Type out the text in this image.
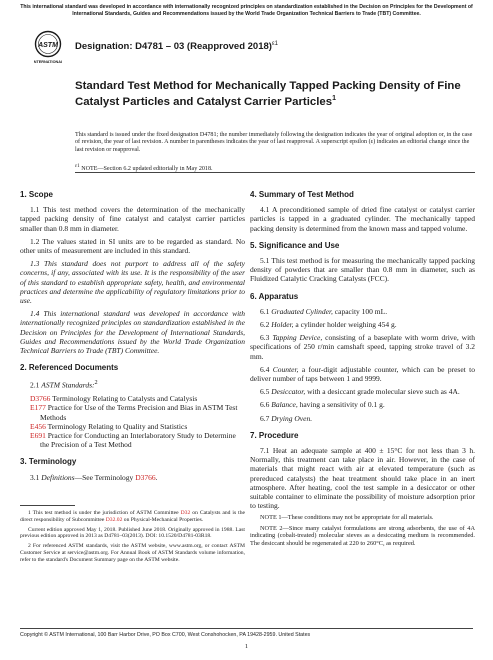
This international standard was developed in accordance with internationally recognized principles on standardization established in the Decision on Principles for the Development of International Standards, Guides and Recommendations issued by the World Trade Organization Technical Barriers to Trade (TBT) Committee.
ASTM
INTERNATIONAL
Designation: D4781 – 03 (Reapproved 2018)$^{\varepsilon 1}$
Standard Test Method for Mechanically Tapped Packing Density of Fine Catalyst Particles and Catalyst Carrier Particles$^1$
This standard is issued under the fixed designation D4781; the number immediately following the designation indicates the year of original adoption or, in the case of revision, the year of last revision. A number in parentheses indicates the year of last reapproval. A superscript epsilon (ε) indicates an editorial change since the last revision or reapproval.
$^{\varepsilon 1}$ NOTE—Section 6.2 updated editorially in May 2018.
1. Scope
1.1 This test method covers the determination of the mechanically tapped packing density of fine catalyst and catalyst carrier particles smaller than 0.8 mm in diameter.
1.2 The values stated in SI units are to be regarded as standard. No other units of measurement are included in this standard.
1.3 This standard does not purport to address all of the safety concerns, if any, associated with its use. It is the responsibility of the user of this standard to establish appropriate safety, health, and environmental practices and determine the applicability of regulatory limitations prior to use.
1.4 This international standard was developed in accordance with internationally recognized principles on standardization established in the Decision on Principles for the Development of International Standards, Guides and Recommendations issued by the World Trade Organization Technical Barriers to Trade (TBT) Committee.
2. Referenced Documents
2.1 ASTM Standards:$^2$
D3766 Terminology Relating to Catalysts and Catalysis
E177 Practice for Use of the Terms Precision and Bias in ASTM Test Methods
E456 Terminology Relating to Quality and Statistics
E691 Practice for Conducting an Interlaboratory Study to Determine the Precision of a Test Method
3. Terminology
3.1 Definitions—See Terminology D3766.
4. Summary of Test Method
4.1 A preconditioned sample of dried fine catalyst or catalyst carrier particles is tapped in a graduated cylinder. The mechanically tapped packing density is determined from the known mass and tapped volume.
5. Significance and Use
5.1 This test method is for measuring the mechanically tapped packing density of powders that are smaller than 0.8 mm in diameter, such as Fluidized Catalytic Cracking Catalysts (FCC).
6. Apparatus
6.1 Graduated Cylinder, capacity 100 mL.
6.2 Holder, a cylinder holder weighing 454 g.
6.3 Tapping Device, consisting of a baseplate with worm drive, with specifications of 250 r/min camshaft speed, tapping stroke travel of 3.2 mm.
6.4 Counter, a four-digit adjustable counter, which can be preset to deliver number of taps between 1 and 9999.
6.5 Desiccator, with a desiccant grade molecular sieve such as 4A.
6.6 Balance, having a sensitivity of 0.1 g.
6.7 Drying Oven.
7. Procedure
7.1 Heat an adequate sample at 400 ± 15°C for not less than 3 h. Normally, this treatment can take place in air. However, in the case of materials that might react with air at elevated temperature (such as prereduced catalysts) the heat treatment should take place in an inert atmosphere. After heating, cool the test sample in a desiccator or other suitable container to eliminate the possibility of moisture adsorption prior to testing.
NOTE 1—These conditions may not be appropriate for all materials.
NOTE 2—Since many catalyst formulations are strong adsorbents, the use of 4A indicating (cobalt-treated) molecular sieves as a desiccating medium is recommended. The desiccant should be regenerated at 220 to 260°C, as required.
1 This test method is under the jurisdiction of ASTM Committee D32 on Catalysts and is the direct responsibility of Subcommittee D32.02 on Physical-Mechanical Properties.
Current edition approved May 1, 2018. Published June 2018. Originally approved in 1988. Last previous edition approved in 2013 as D4781–03(2013). DOI: 10.1520/D4781-03R18.
2 For referenced ASTM standards, visit the ASTM website, www.astm.org, or contact ASTM Customer Service at service@astm.org. For Annual Book of ASTM Standards volume information, refer to the standard's Document Summary page on the ASTM website.
Copyright © ASTM International, 100 Barr Harbor Drive, PO Box C700, West Conshohocken, PA 19428-2959. United States
1
